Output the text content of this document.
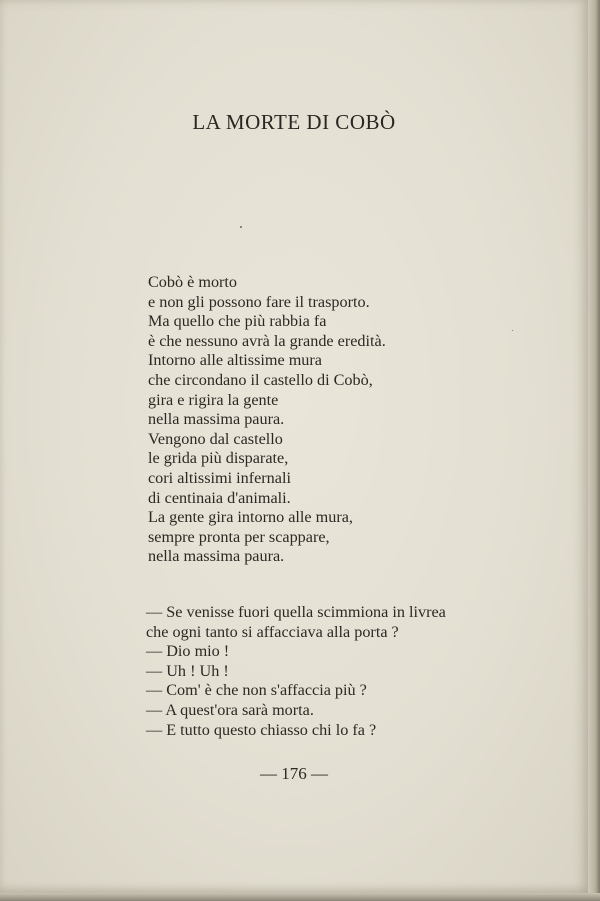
LA MORTE DI COBÒ
Cobò è morto
e non gli possono fare il trasporto.
Ma quello che più rabbia fa
è che nessuno avrà la grande eredità.
Intorno alle altissime mura
che circondano il castello di Cobò,
gira e rigira la gente
nella massima paura.
Vengono dal castello
le grida più disparate,
cori altissimi infernali
di centinaia d'animali.
La gente gira intorno alle mura,
sempre pronta per scappare,
nella massima paura.
— Se venisse fuori quella scimmiona in livrea
che ogni tanto si affacciava alla porta ?
— Dio mio !
— Uh ! Uh !
— Com' è che non s'affaccia più ?
— A quest'ora sarà morta.
— E tutto questo chiasso chi lo fa ?
— 176 —
